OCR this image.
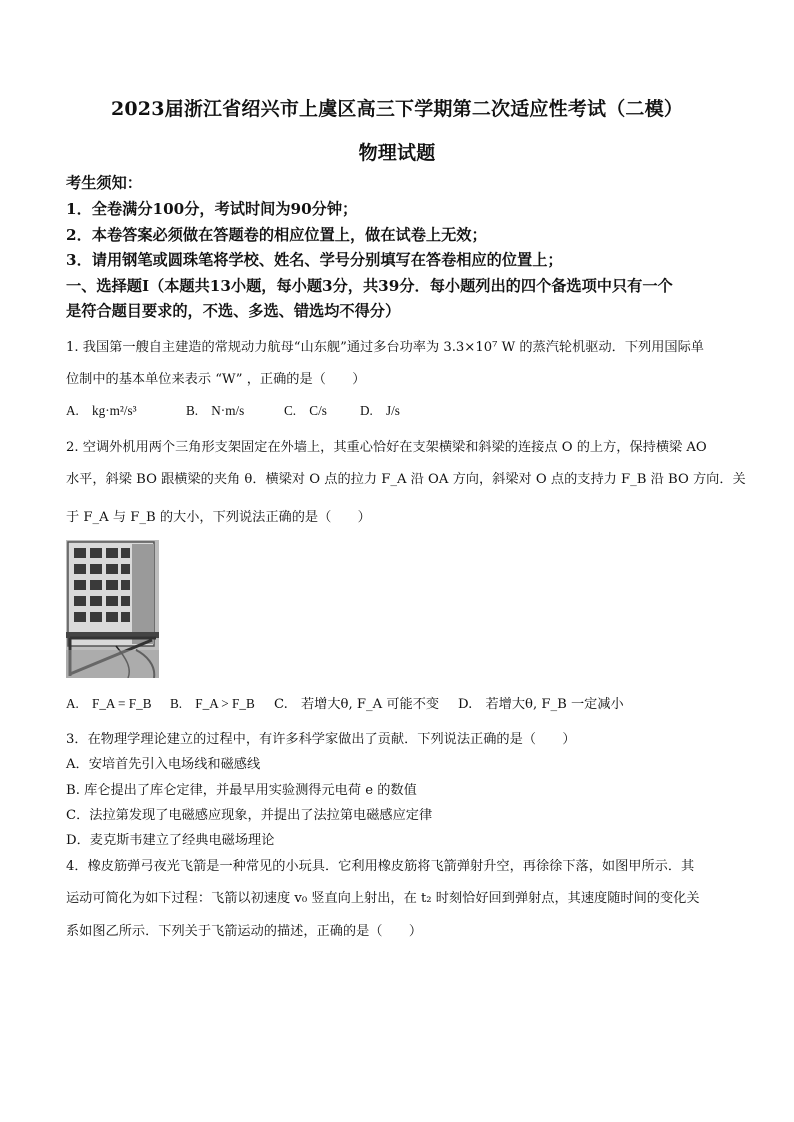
2023届浙江省绍兴市上虞区高三下学期第二次适应性考试（二模）
物理试题
考生须知：
1．全卷满分100分，考试时间为90分钟；
2．本卷答案必须做在答题卷的相应位置上，做在试卷上无效；
3．请用钢笔或圆珠笔将学校、姓名、学号分别填写在答卷相应的位置上；
一、选择题Ⅰ（本题共13小题，每小题3分，共39分．每小题列出的四个备选项中只有一个
是符合题目要求的，不选、多选、错选均不得分）
1. 我国第一艘自主建造的常规动力航母“山东舰”通过多台功率为 3.3×10⁷ W 的蒸汽轮机驱动．下列用国际单
位制中的基本单位来表示 “W” ，正确的是（　　）
A.　kg·m²/s³	B.　N·m/s	C.　C/s	D.　J/s
2. 空调外机用两个三角形支架固定在外墙上，其重心恰好在支架横梁和斜梁的连接点 O 的上方，保持横梁 AO
水平，斜梁 BO 跟横梁的夹角 θ．横梁对 O 点的拉力 F_A 沿 OA 方向，斜梁对 O 点的支持力 F_B 沿 BO 方向．关
于 F_A 与 F_B 的大小，下列说法正确的是（　　）
A.　F_A = F_B B.　F_A > F_B C.　若增大θ, F_A 可能不变 D.　若增大θ, F_B 一定减小
3．在物理学理论建立的过程中，有许多科学家做出了贡献．下列说法正确的是（　　）
A．安培首先引入电场线和磁感线
B. 库仑提出了库仑定律，并最早用实验测得元电荷 e 的数值
C．法拉第发现了电磁感应现象，并提出了法拉第电磁感应定律
D．麦克斯韦建立了经典电磁场理论
4．橡皮筋弹弓夜光飞箭是一种常见的小玩具．它利用橡皮筋将飞箭弹射升空，再徐徐下落，如图甲所示．其
运动可简化为如下过程：飞箭以初速度 v₀ 竖直向上射出，在 t₂ 时刻恰好回到弹射点，其速度随时间的变化关
系如图乙所示．下列关于飞箭运动的描述，正确的是（　　）
